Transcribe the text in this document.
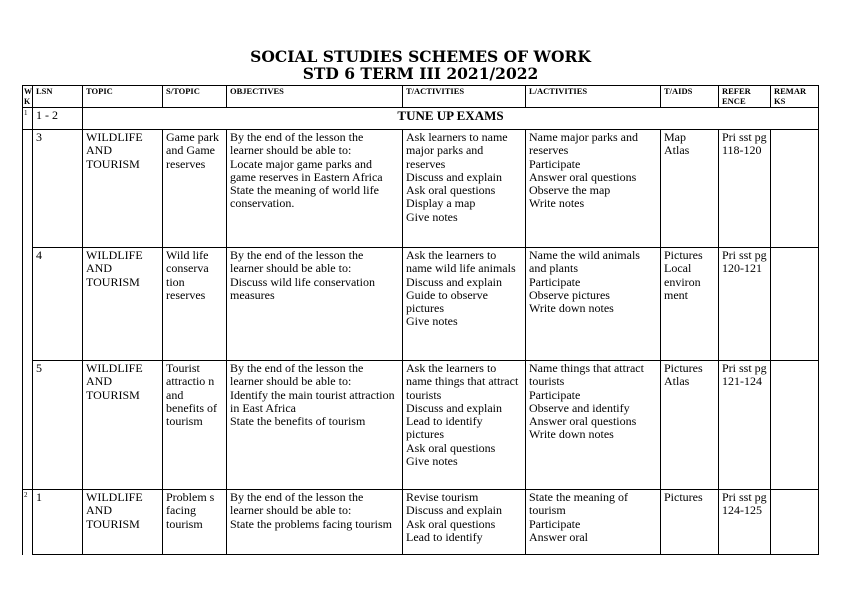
SOCIAL STUDIES SCHEMES OF WORK
STD 6 TERM III 2021/2022
W K	LSN	TOPIC	S/TOPIC	OBJECTIVES	T/ACTIVITIES	L/ACTIVITIES	T/AIDS	REFER ENCE	REMAR KS
1	1 - 2	TUNE UP EXAMS							
	3	WILDLIFE AND TOURISM	Game park and Game reserves	By the end of the lesson the learner should be able to:
Locate major game parks and game reserves in Eastern Africa
State the meaning of world life conservation.	Ask learners to name major parks and reserves
Discuss and explain
Ask oral questions
Display a map
Give notes	Name major parks and reserves
Participate
Answer oral questions
Observe the map
Write notes	Map
Atlas	Pri sst pg 118-120	
	4	WILDLIFE AND TOURISM	Wild life conserva tion reserves	By the end of the lesson the learner should be able to:
Discuss wild life conservation measures	Ask the learners to name wild life animals
Discuss and explain
Guide to observe pictures
Give notes	Name the wild animals and plants
Participate
Observe pictures
Write down notes	Pictures
Local environ ment	Pri sst pg 120-121	
	5	WILDLIFE AND TOURISM	Tourist attractio n and benefits of tourism	By the end of the lesson the learner should be able to:
Identify the main tourist attraction in East Africa
State the benefits of tourism	Ask the learners to name things that attract tourists
Discuss and explain
Lead to identify pictures
Ask oral questions
Give notes	Name things that attract tourists
Participate
Observe and identify
Answer oral questions
Write down notes	Pictures
Atlas	Pri sst pg 121-124	
2	1	WILDLIFE AND TOURISM	Problem s facing tourism	By the end of the lesson the learner should be able to:
State the problems facing tourism	Revise tourism
Discuss and explain
Ask oral questions
Lead to identify	State the meaning of tourism
Participate
Answer oral	Pictures	Pri sst pg 124-125	
